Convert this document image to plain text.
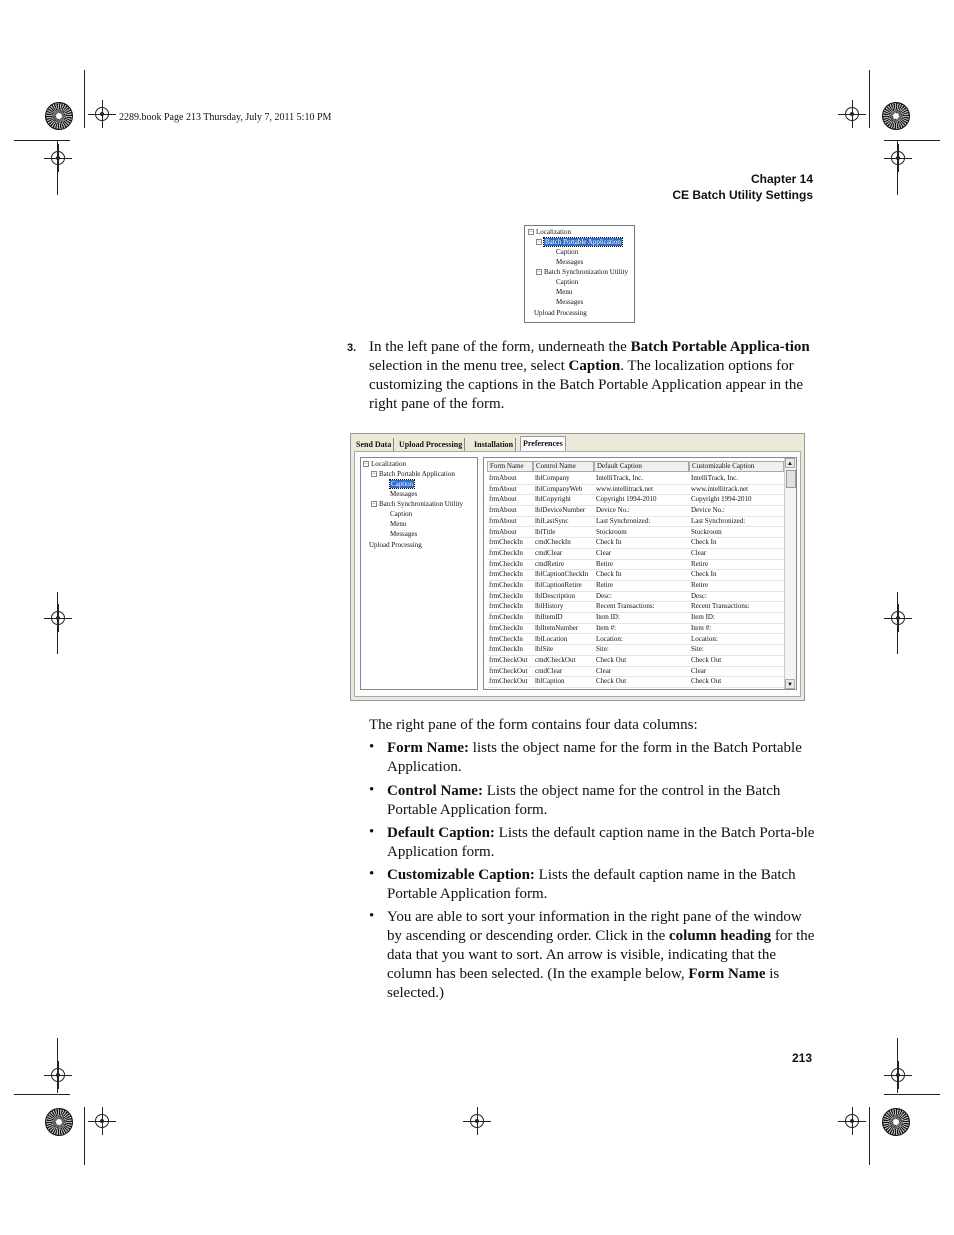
2289.book Page 213 Thursday, July 7, 2011 5:10 PM
Chapter 14
CE Batch Utility Settings
− Localization
− Batch Portable Application
Caption
Messages
− Batch Synchronization Utility
Caption
Menu
Messages
Upload Processing
3. In the left pane of the form, underneath the Batch Portable Applica-tion selection in the menu tree, select Caption. The localization options for customizing the captions in the Batch Portable Application appear in the right pane of the form.
Send Data Upload Processing	Installation	Preferences
− Localization
− Batch Portable Application
Caption
Messages
− Batch Synchronization Utility
Caption
Menu
Messages
Upload Processing
Form Name	Control Name	Default Caption	Customizable Caption
frmAbout	lblCompany	IntelliTrack, Inc.	IntelliTrack, Inc.
frmAbout	lblCompanyWeb	www.intellitrack.net	www.intellitrack.net
frmAbout	lblCopyright	Copyright 1994-2010	Copyright 1994-2010
frmAbout	lblDeviceNumber	Device No.:	Device No.:
frmAbout	lblLastSync	Last Synchronized:	Last Synchronized:
frmAbout	lblTitle	Stockroom	Stockroom
frmCheckIn	cmdCheckIn	Check In	Check In
frmCheckIn	cmdClear	Clear	Clear
frmCheckIn	cmdRetire	Retire	Retire
frmCheckIn	lblCaptionCheckIn	Check In	Check In
frmCheckIn	lblCaptionRetire	Retire	Retire
frmCheckIn	lblDescription	Desc:	Desc:
frmCheckIn	lblHistory	Recent Transactions:	Recent Transactions:
frmCheckIn	lblItemID	Item ID:	Item ID:
frmCheckIn	lblItemNumber	Item #:	Item #:
frmCheckIn	lblLocation	Location:	Location:
frmCheckIn	lblSite	Site:	Site:
frmCheckOut	cmdCheckOut	Check Out	Check Out
frmCheckOut	cmdClear	Clear	Clear
frmCheckOut	lblCaption	Check Out	Check Out
▲
▼
The right pane of the form contains four data columns:
• Form Name: lists the object name for the form in the Batch Portable Application.
• Control Name: Lists the object name for the control in the Batch Portable Application form.
• Default Caption: Lists the default caption name in the Batch Porta-ble Application form.
• Customizable Caption: Lists the default caption name in the Batch Portable Application form.
• You are able to sort your information in the right pane of the window by ascending or descending order. Click in the column heading for the data that you want to sort. An arrow is visible, indicating that the column has been selected. (In the example below, Form Name is selected.)
213
